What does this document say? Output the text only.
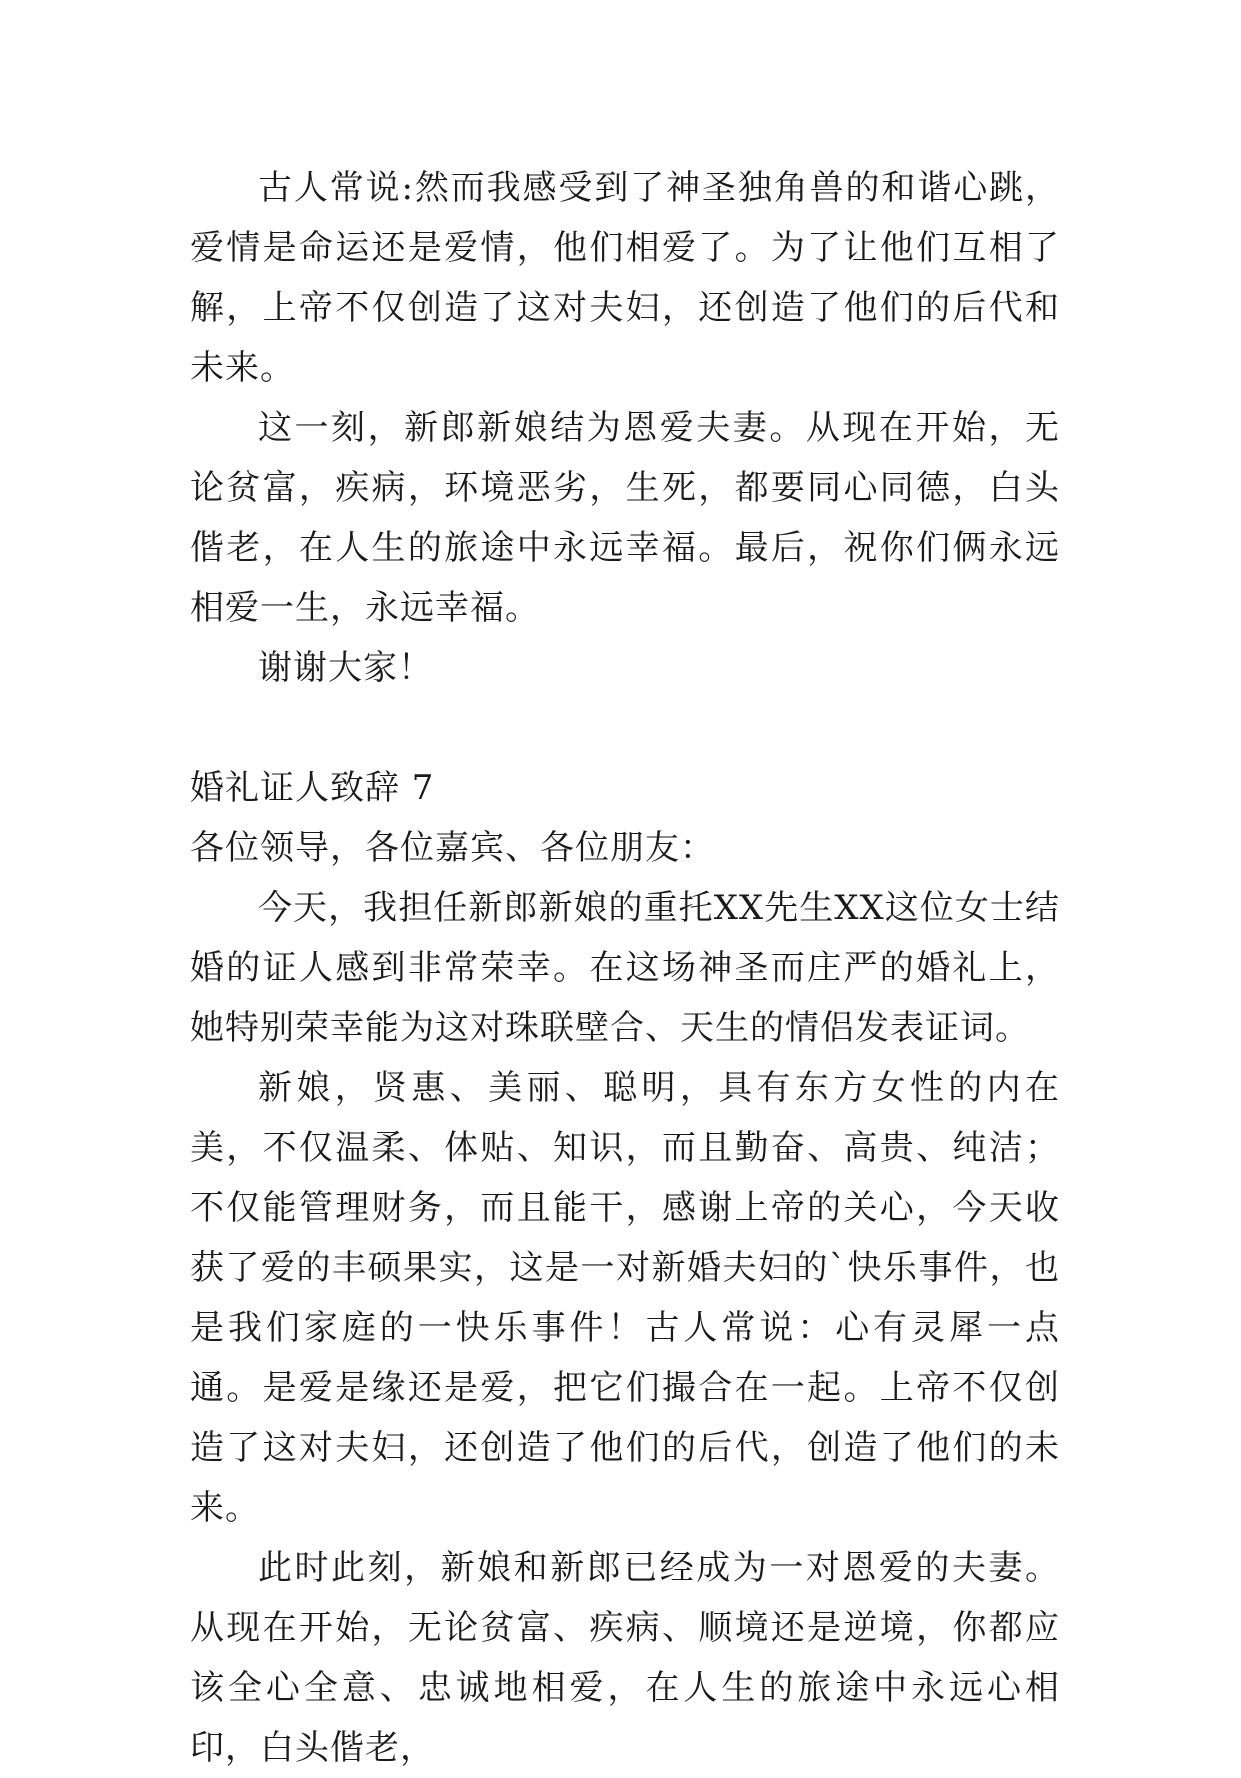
古人常说:然而我感受到了神圣独角兽的和谐心跳，爱情是命运还是爱情，他们相爱了。为了让他们互相了解，上帝不仅创造了这对夫妇，还创造了他们的后代和未来。

这一刻，新郎新娘结为恩爱夫妻。从现在开始，无论贫富，疾病，环境恶劣，生死，都要同心同德，白头偕老，在人生的旅途中永远幸福。最后，祝你们俩永远相爱一生，永远幸福。

谢谢大家！

婚礼证人致辞 7

各位领导，各位嘉宾、各位朋友：

今天，我担任新郎新娘的重托XX先生XX这位女士结婚的证人感到非常荣幸。在这场神圣而庄严的婚礼上，她特别荣幸能为这对珠联壁合、天生的情侣发表证词。

新娘，贤惠、美丽、聪明，具有东方女性的内在美，不仅温柔、体贴、知识，而且勤奋、高贵、纯洁；不仅能管理财务，而且能干，感谢上帝的关心，今天收获了爱的丰硕果实，这是一对新婚夫妇的`快乐事件，也是我们家庭的一快乐事件！古人常说：心有灵犀一点通。是爱是缘还是爱，把它们撮合在一起。上帝不仅创造了这对夫妇，还创造了他们的后代，创造了他们的未来。

此时此刻，新娘和新郎已经成为一对恩爱的夫妻。从现在开始，无论贫富、疾病、顺境还是逆境，你都应该全心全意、忠诚地相爱，在人生的旅途中永远心相印，白头偕老，
